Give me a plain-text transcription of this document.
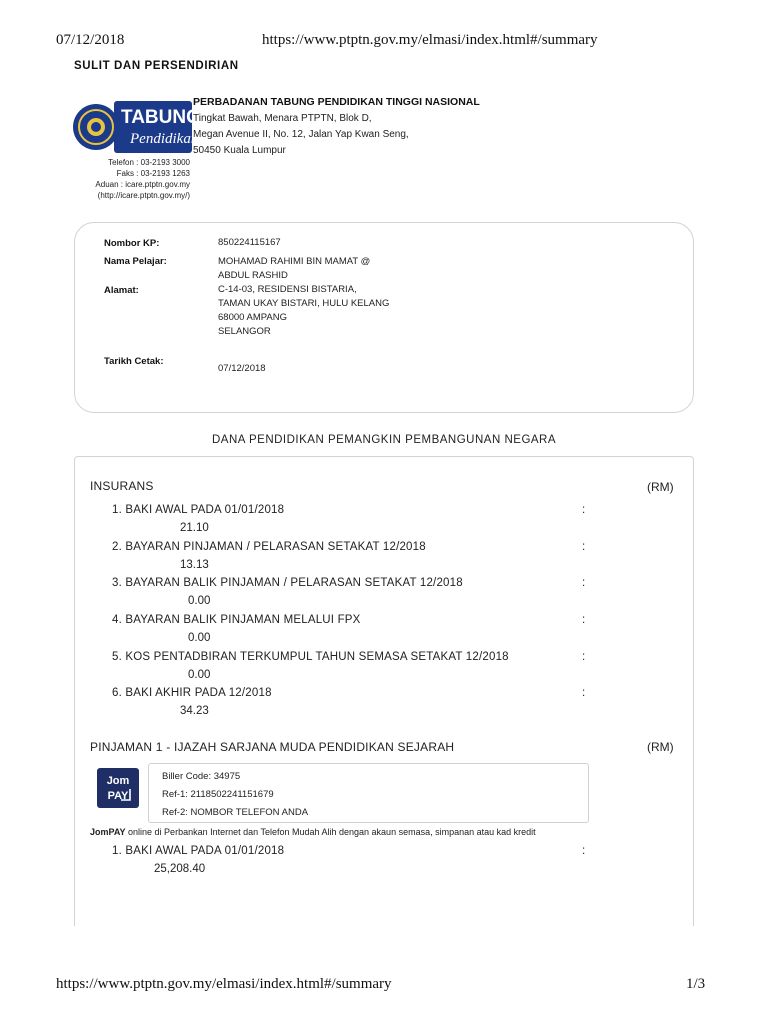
07/12/2018	https://www.ptptn.gov.my/elmasi/index.html#/summary
SULIT DAN PERSENDIRIAN
TABUNG
Pendidikan
PERBADANAN TABUNG PENDIDIKAN TINGGI NASIONAL
Tingkat Bawah, Menara PTPTN, Blok D,
Megan Avenue II, No. 12, Jalan Yap Kwan Seng,
50450 Kuala Lumpur
Telefon : 03-2193 3000
Faks : 03-2193 1263
Aduan : icare.ptptn.gov.my
(http://icare.ptptn.gov.my/)
Nombor KP:	850224115167
Nama Pelajar:	MOHAMAD RAHIMI BIN MAMAT @
ABDUL RASHID
Alamat:	C-14-03, RESIDENSI BISTARIA,
TAMAN UKAY BISTARI, HULU KELANG
68000 AMPANG
SELANGOR
Tarikh Cetak:
07/12/2018
DANA PENDIDIKAN PEMANGKIN PEMBANGUNAN NEGARA
INSURANS	(RM)
1. BAKI AWAL PADA 01/01/2018	:
21.10
2. BAYARAN PINJAMAN / PELARASAN SETAKAT 12/2018	:
13.13
3. BAYARAN BALIK PINJAMAN / PELARASAN SETAKAT 12/2018	:
0.00
4. BAYARAN BALIK PINJAMAN MELALUI FPX	:
0.00
5. KOS PENTADBIRAN TERKUMPUL TAHUN SEMASA SETAKAT 12/2018	:
0.00
6. BAKI AKHIR PADA 12/2018	:
34.23
PINJAMAN 1 - IJAZAH SARJANA MUDA PENDIDIKAN SEJARAH	(RM)
Jom
PAY
Biller Code: 34975
Ref-1: 2118502241151679
Ref-2: NOMBOR TELEFON ANDA
JomPAY online di Perbankan Internet dan Telefon Mudah Alih dengan akaun semasa, simpanan atau kad kredit
1. BAKI AWAL PADA 01/01/2018	:
25,208.40
https://www.ptptn.gov.my/elmasi/index.html#/summary	1/3
